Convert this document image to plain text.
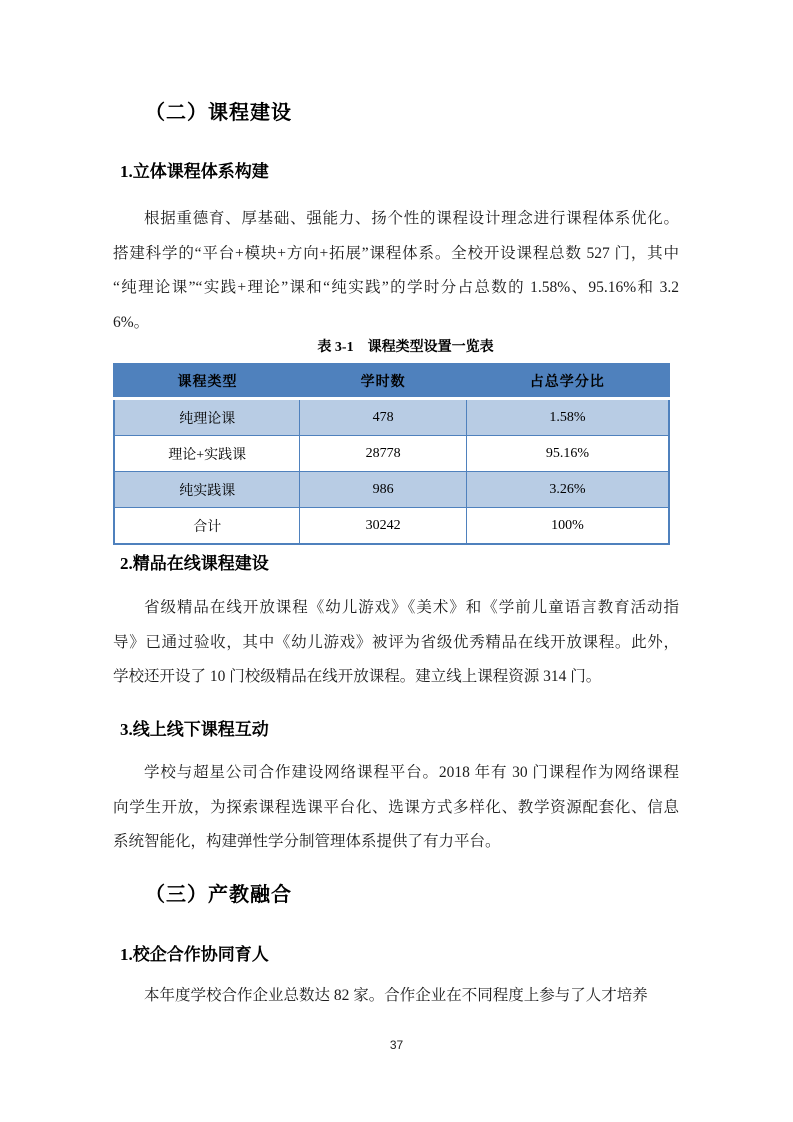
（二）课程建设
1.立体课程体系构建
根据重德育、厚基础、强能力、扬个性的课程设计理念进行课程体系优化。
搭建科学的“平台+模块+方向+拓展”课程体系。全校开设课程总数 527 门，其中
“纯理论课”“实践+理论”课和“纯实践”的学时分占总数的 1.58%、95.16%和 3.2
6%。
表 3-1　课程类型设置一览表
课程类型	学时数	占总学分比
纯理论课	478	1.58%
理论+实践课	28778	95.16%
纯实践课	986	3.26%
合计	30242	100%
2.精品在线课程建设
省级精品在线开放课程《幼儿游戏》《美术》和《学前儿童语言教育活动指
导》已通过验收，其中《幼儿游戏》被评为省级优秀精品在线开放课程。此外，
学校还开设了 10 门校级精品在线开放课程。建立线上课程资源 314 门。
3.线上线下课程互动
学校与超星公司合作建设网络课程平台。2018 年有 30 门课程作为网络课程
向学生开放，为探索课程选课平台化、选课方式多样化、教学资源配套化、信息
系统智能化，构建弹性学分制管理体系提供了有力平台。
（三）产教融合
1.校企合作协同育人
本年度学校合作企业总数达 82 家。合作企业在不同程度上参与了人才培养
37
